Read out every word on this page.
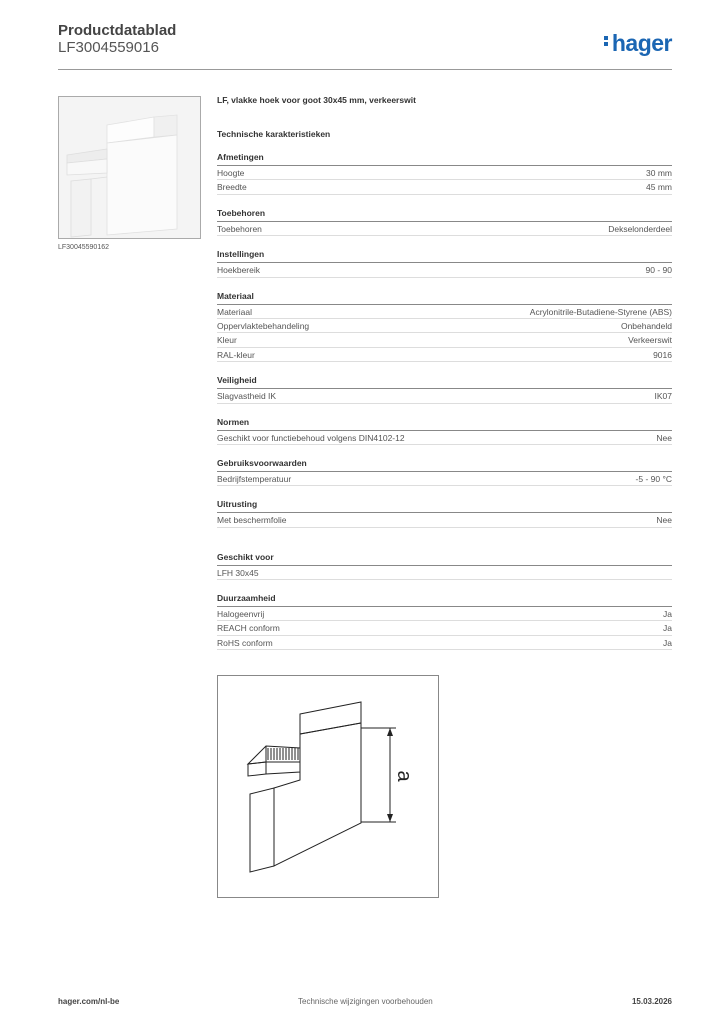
Productdatablad
LF3004559016	hager
LF30045590162
LF, vlakke hoek voor goot 30x45 mm, verkeerswit
Technische karakteristieken
Afmetingen
Hoogte	30 mm
Breedte	45 mm
Toebehoren
Toebehoren	Dekselonderdeel
Instellingen
Hoekbereik	90 - 90
Materiaal
Materiaal	Acrylonitrile-Butadiene-Styrene (ABS)
Oppervlaktebehandeling	Onbehandeld
Kleur	Verkeerswit
RAL-kleur	9016
Veiligheid
Slagvastheid IK	IK07
Normen
Geschikt voor functiebehoud volgens DIN4102-12	Nee
Gebruiksvoorwaarden
Bedrijfstemperatuur	-5 - 90 °C
Uitrusting
Met beschermfolie	Nee
Geschikt voor
LFH 30x45
Duurzaamheid
Halogeenvrij	Ja
REACH conform	Ja
RoHS conform	Ja
a
hager.com/nl-be	Technische wijzigingen voorbehouden	15.03.2026
